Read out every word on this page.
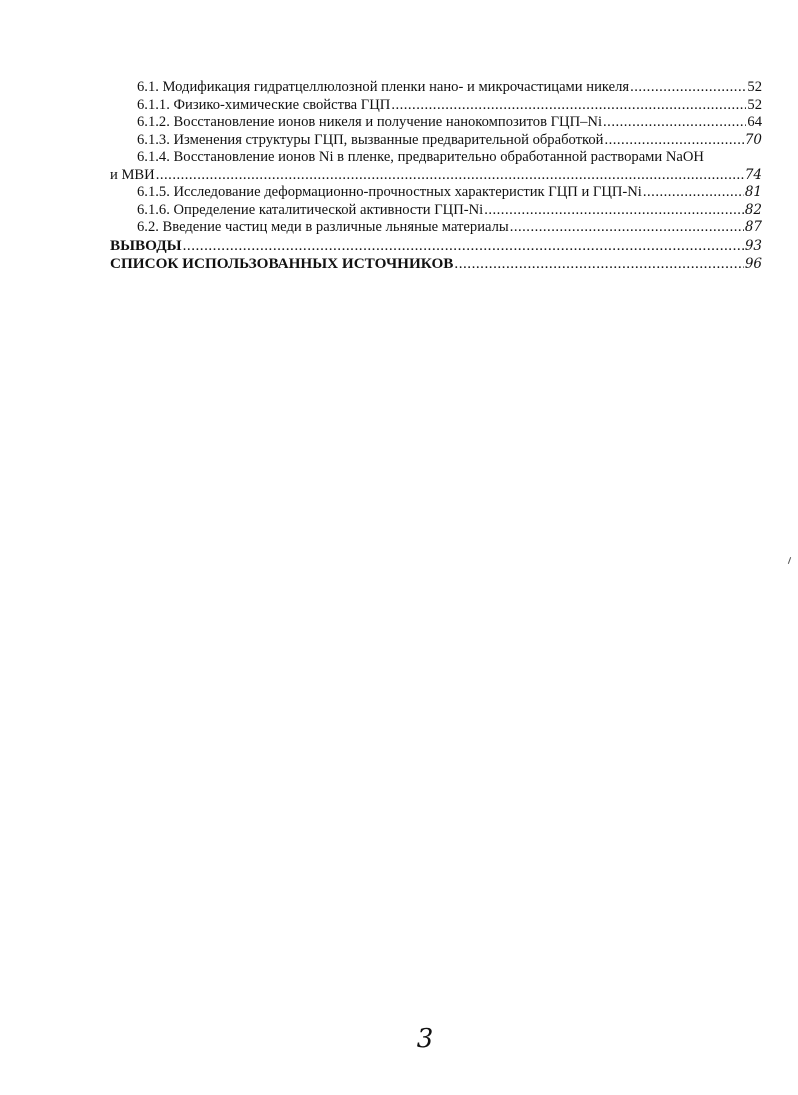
6.1. Модификация гидратцеллюлозной пленки нано- и микрочастицами никеля .....	52
6.1.1. Физико-химические свойства ГЦП .....	52
6.1.2. Восстановление ионов никеля и получение нанокомпозитов ГЦП–Ni .....	64
6.1.3. Изменения структуры ГЦП, вызванные предварительной обработкой .....	70
6.1.4. Восстановление ионов Ni в пленке, предварительно обработанной растворами NaOH
и МВИ .....	74
6.1.5. Исследование деформационно-прочностных характеристик ГЦП и ГЦП-Ni .....	81
6.1.6. Определение каталитической активности ГЦП-Ni .....	82
6.2. Введение частиц меди в различные льняные материалы .....	87
ВЫВОДЫ .....	93
СПИСОК ИСПОЛЬЗОВАННЫХ ИСТОЧНИКОВ .....	96
3
